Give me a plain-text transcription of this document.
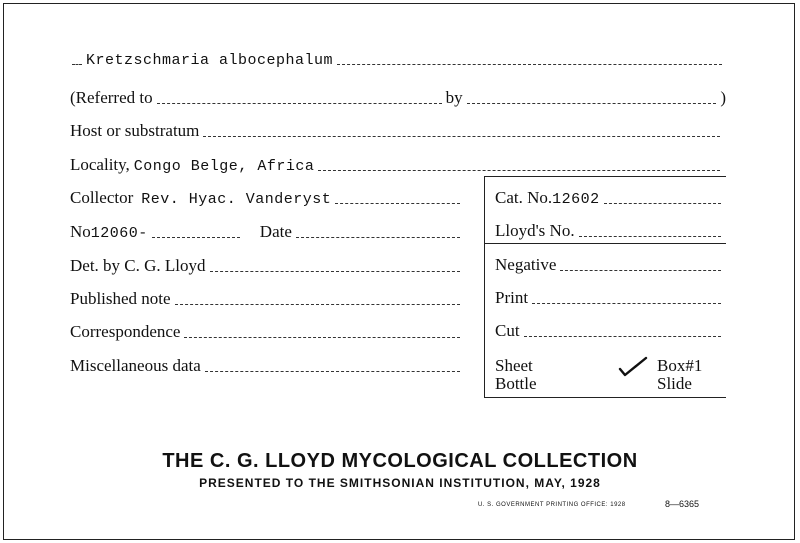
Kretzschmaria albocephalum
(Referred to	by	)
Host or substratum
Locality, Congo Belge, Africa
Collector Rev. Hyac. Vanderyst
No 12060-	Date
Det. by C. G. Lloyd
Published note
Correspondence
Miscellaneous data
Cat. No. 12602
Lloyd's No.
Negative
Print
Cut
Sheet
Bottle
Box #1
Slide
THE C. G. LLOYD MYCOLOGICAL COLLECTION
PRESENTED TO THE SMITHSONIAN INSTITUTION, MAY, 1928
U. S. GOVERNMENT PRINTING OFFICE: 1928	8—6365
